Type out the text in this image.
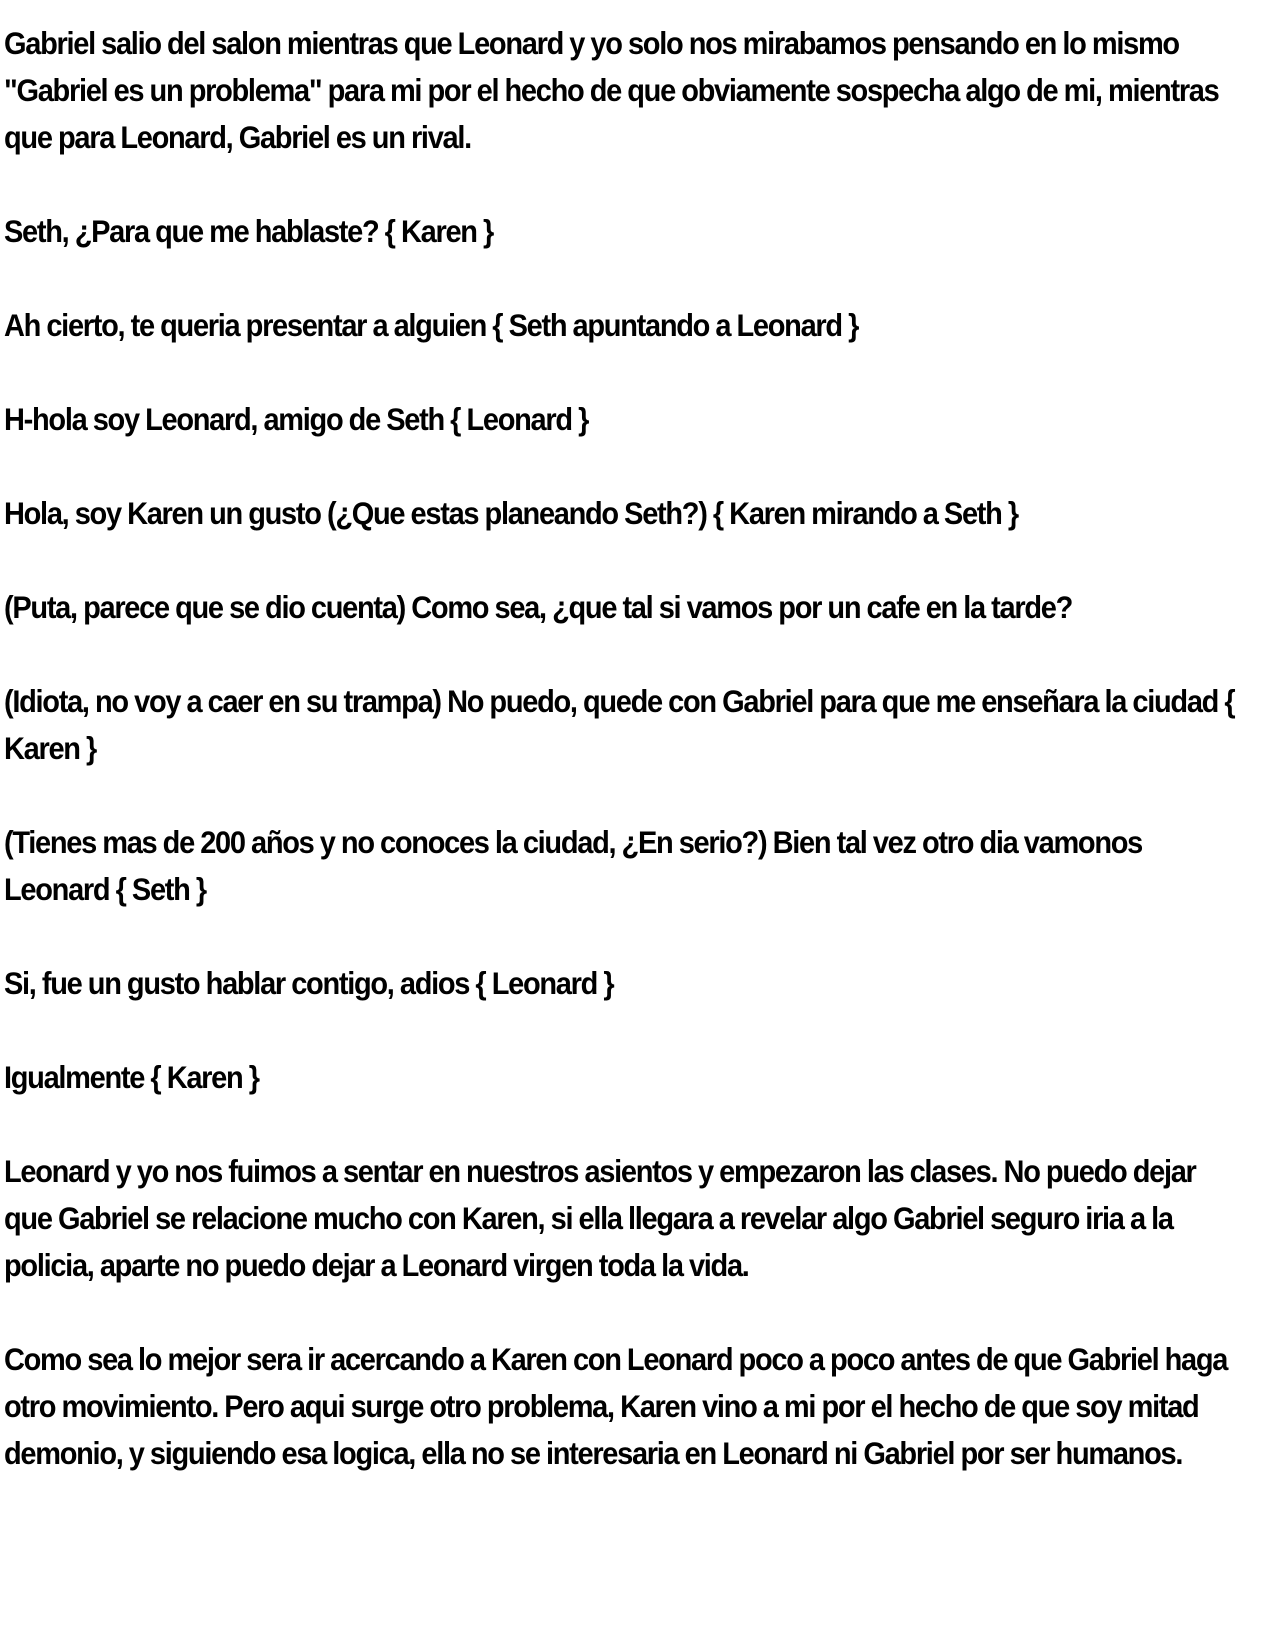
Gabriel salio del salon mientras que Leonard y yo solo nos mirabamos pensando en lo mismo "Gabriel es un problema" para mi por el hecho de que obviamente sospecha algo de mi, mientras que para Leonard, Gabriel es un rival.

Seth, ¿Para que me hablaste? { Karen }

Ah cierto, te queria presentar a alguien { Seth apuntando a Leonard }

H-hola soy Leonard, amigo de Seth { Leonard }

Hola, soy Karen un gusto (¿Que estas planeando Seth?) { Karen mirando a Seth }

(Puta, parece que se dio cuenta) Como sea, ¿que tal si vamos por un cafe en la tarde?

(Idiota, no voy a caer en su trampa) No puedo, quede con Gabriel para que me enseñara la ciudad { Karen }

(Tienes mas de 200 años y no conoces la ciudad, ¿En serio?) Bien tal vez otro dia vamonos Leonard { Seth }

Si, fue un gusto hablar contigo, adios { Leonard }

Igualmente { Karen }

Leonard y yo nos fuimos a sentar en nuestros asientos y empezaron las clases. No puedo dejar que Gabriel se relacione mucho con Karen, si ella llegara a revelar algo Gabriel seguro iria a la policia, aparte no puedo dejar a Leonard virgen toda la vida.

Como sea lo mejor sera ir acercando a Karen con Leonard poco a poco antes de que Gabriel haga otro movimiento. Pero aqui surge otro problema, Karen vino a mi por el hecho de que soy mitad demonio, y siguiendo esa logica, ella no se interesaria en Leonard ni Gabriel por ser humanos.
